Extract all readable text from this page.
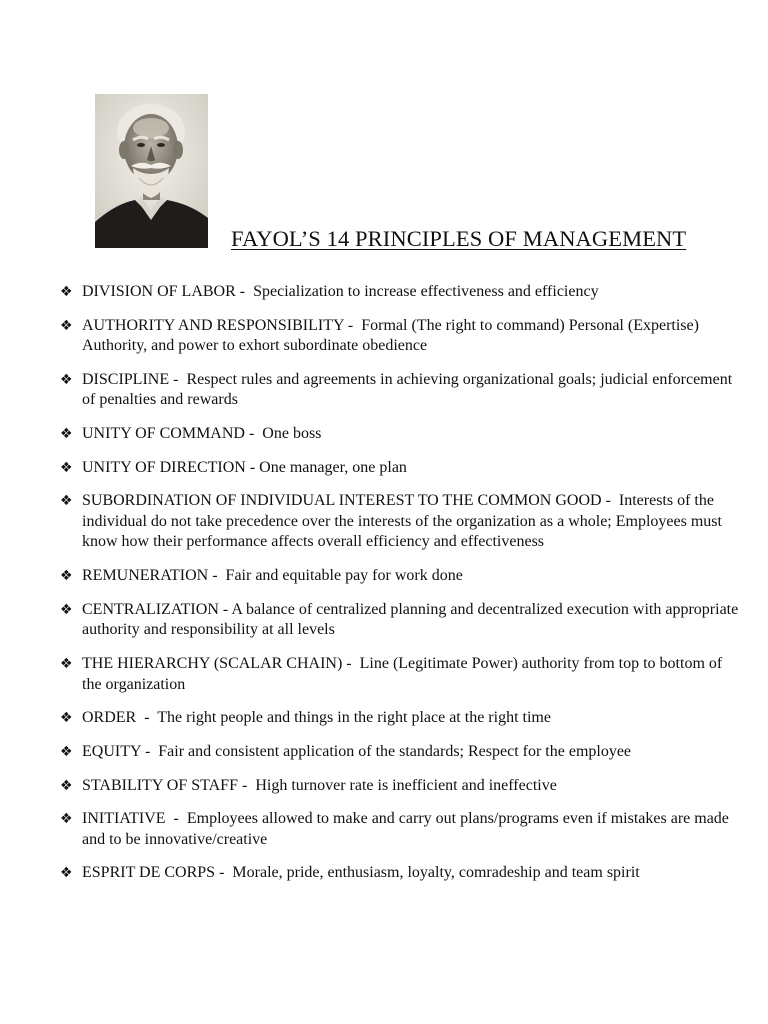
FAYOL’S 14 PRINCIPLES OF MANAGEMENT
❖ DIVISION OF LABOR -  Specialization to increase effectiveness and efficiency
❖ AUTHORITY AND RESPONSIBILITY -  Formal (The right to command) Personal (Expertise) Authority, and power to exhort subordinate obedience
❖ DISCIPLINE -  Respect rules and agreements in achieving organizational goals; judicial enforcement of penalties and rewards
❖ UNITY OF COMMAND -  One boss
❖ UNITY OF DIRECTION - One manager, one plan
❖ SUBORDINATION OF INDIVIDUAL INTEREST TO THE COMMON GOOD -  Interests of the individual do not take precedence over the interests of the organization as a whole; Employees must know how their performance affects overall efficiency and effectiveness
❖ REMUNERATION -  Fair and equitable pay for work done
❖ CENTRALIZATION - A balance of centralized planning and decentralized execution with appropriate authority and responsibility at all levels
❖ THE HIERARCHY (SCALAR CHAIN) -  Line (Legitimate Power) authority from top to bottom of the organization
❖ ORDER  -  The right people and things in the right place at the right time
❖ EQUITY -  Fair and consistent application of the standards; Respect for the employee
❖ STABILITY OF STAFF -  High turnover rate is inefficient and ineffective
❖ INITIATIVE  -  Employees allowed to make and carry out plans/programs even if mistakes are made and to be innovative/creative
❖ ESPRIT DE CORPS -  Morale, pride, enthusiasm, loyalty, comradeship and team spirit
